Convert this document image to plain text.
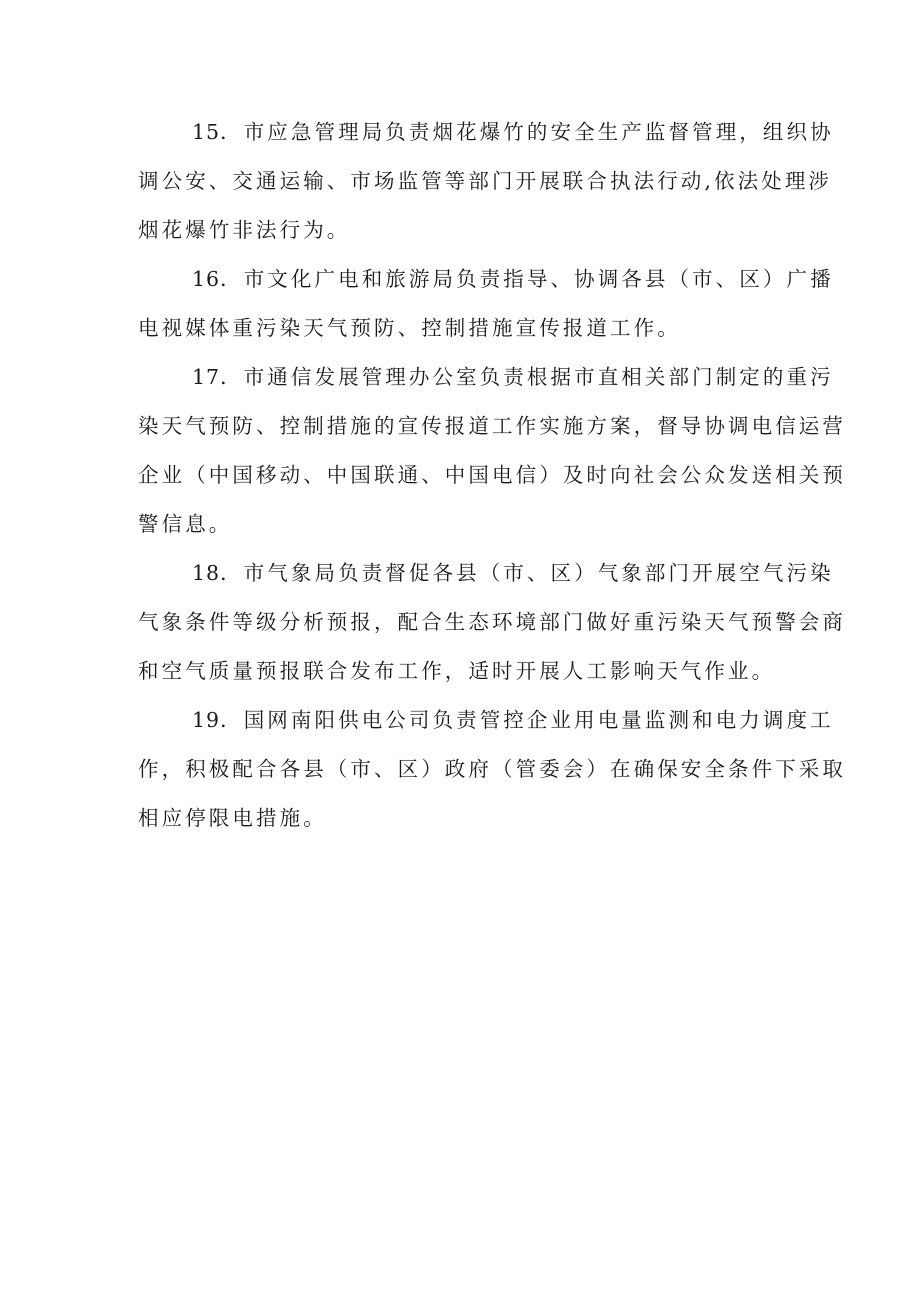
15．市应急管理局负责烟花爆竹的安全生产监督管理，组织协
调公安、交通运输、市场监管等部门开展联合执法行动,依法处理涉
烟花爆竹非法行为。
16．市文化广电和旅游局负责指导、协调各县（市、区）广播
电视媒体重污染天气预防、控制措施宣传报道工作。
17．市通信发展管理办公室负责根据市直相关部门制定的重污
染天气预防、控制措施的宣传报道工作实施方案，督导协调电信运营
企业（中国移动、中国联通、中国电信）及时向社会公众发送相关预
警信息。
18．市气象局负责督促各县（市、区）气象部门开展空气污染
气象条件等级分析预报，配合生态环境部门做好重污染天气预警会商
和空气质量预报联合发布工作，适时开展人工影响天气作业。
19．国网南阳供电公司负责管控企业用电量监测和电力调度工
作，积极配合各县（市、区）政府（管委会）在确保安全条件下采取
相应停限电措施。
